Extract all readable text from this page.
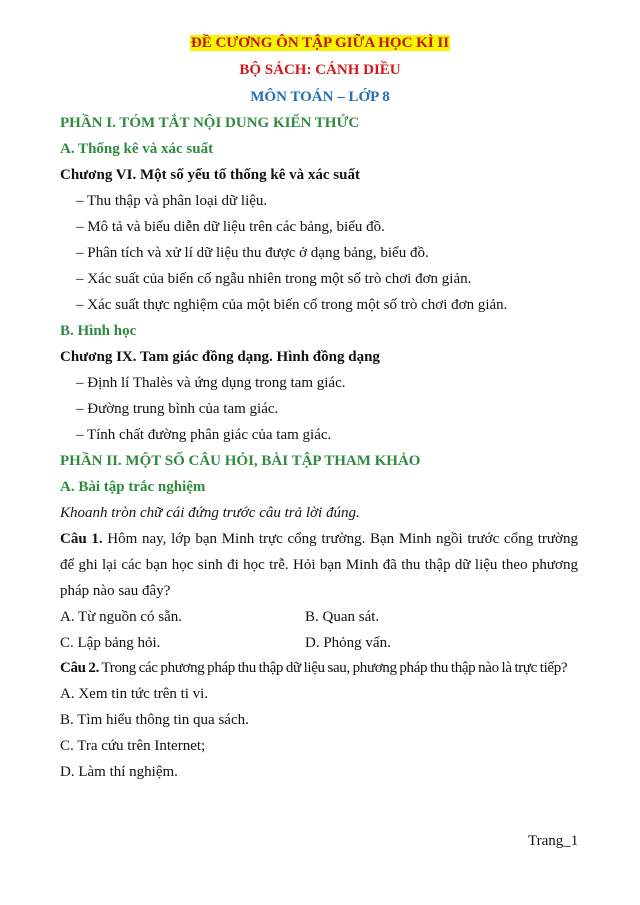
ĐỀ CƯƠNG ÔN TẬP GIỮA HỌC KÌ II
BỘ SÁCH: CÁNH DIỀU
MÔN TOÁN – LỚP 8
PHẦN I. TÓM TẮT NỘI DUNG KIẾN THỨC
A. Thống kê và xác suất
Chương VI. Một số yếu tố thống kê và xác suất
– Thu thập và phân loại dữ liệu.
– Mô tả và biểu diễn dữ liệu trên các bảng, biểu đồ.
– Phân tích và xử lí dữ liệu thu được ở dạng bảng, biểu đồ.
– Xác suất của biến cố ngẫu nhiên trong một số trò chơi đơn giản.
– Xác suất thực nghiệm của một biến cố trong một số trò chơi đơn giản.
B. Hình học
Chương IX. Tam giác đồng dạng. Hình đồng dạng
– Định lí Thalès và ứng dụng trong tam giác.
– Đường trung bình của tam giác.
– Tính chất đường phân giác của tam giác.
PHẦN II. MỘT SỐ CÂU HỎI, BÀI TẬP THAM KHẢO
A. Bài tập trắc nghiệm
Khoanh tròn chữ cái đứng trước câu trả lời đúng.
Câu 1. Hôm nay, lớp bạn Minh trực cổng trường. Bạn Minh ngồi trước cổng trường
để ghi lại các bạn học sinh đi học trễ. Hỏi bạn Minh đã thu thập dữ liệu theo phương
pháp nào sau đây?
A. Từ nguồn có sẵn.	B. Quan sát.
C. Lập bảng hỏi.	D. Phỏng vấn.
Câu 2. Trong các phương pháp thu thập dữ liệu sau, phương pháp thu thập nào là trực tiếp?
A. Xem tin tức trên ti vi.
B. Tìm hiểu thông tin qua sách.
C. Tra cứu trên Internet;
D. Làm thí nghiệm.
Trang_1
